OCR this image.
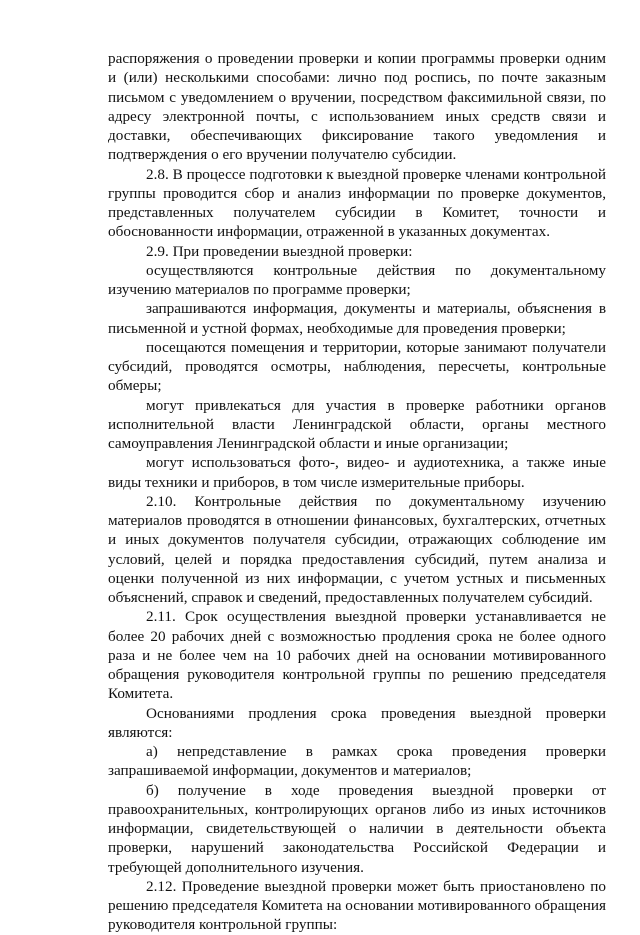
распоряжения о проведении проверки и копии программы проверки одним и (или) несколькими способами: лично под роспись, по почте заказным письмом с уведомлением о вручении, посредством факсимильной связи, по адресу электронной почты, с использованием иных средств связи и доставки, обеспечивающих фиксирование такого уведомления и подтверждения о его вручении получателю субсидии.

2.8. В процессе подготовки к выездной проверке членами контрольной группы проводится сбор и анализ информации по проверке документов, представленных получателем субсидии в Комитет, точности и обоснованности информации, отраженной в указанных документах.

2.9. При проведении выездной проверки:

осуществляются контрольные действия по документальному изучению материалов по программе проверки;

запрашиваются информация, документы и материалы, объяснения в письменной и устной формах, необходимые для проведения проверки;

посещаются помещения и территории, которые занимают получатели субсидий, проводятся осмотры, наблюдения, пересчеты, контрольные обмеры;

могут привлекаться для участия в проверке работники органов исполнительной власти Ленинградской области, органы местного самоуправления Ленинградской области и иные организации;

могут использоваться фото-, видео- и аудиотехника, а также иные виды техники и приборов, в том числе измерительные приборы.

2.10. Контрольные действия по документальному изучению материалов проводятся в отношении финансовых, бухгалтерских, отчетных и иных документов получателя субсидии, отражающих соблюдение им условий, целей и порядка предоставления субсидий, путем анализа и оценки полученной из них информации, с учетом устных и письменных объяснений, справок и сведений, предоставленных получателем субсидий.

2.11. Срок осуществления выездной проверки устанавливается не более 20 рабочих дней с возможностью продления срока не более одного раза и не более чем на 10 рабочих дней на основании мотивированного обращения руководителя контрольной группы по решению председателя Комитета.

Основаниями продления срока проведения выездной проверки являются:

а) непредставление в рамках срока проведения проверки запрашиваемой информации, документов и материалов;

б) получение в ходе проведения выездной проверки от правоохранительных, контролирующих органов либо из иных источников информации, свидетельствующей о наличии в деятельности объекта проверки, нарушений законодательства Российской Федерации и требующей дополнительного изучения.

2.12. Проведение выездной проверки может быть приостановлено по решению председателя Комитета на основании мотивированного обращения руководителя контрольной группы:
